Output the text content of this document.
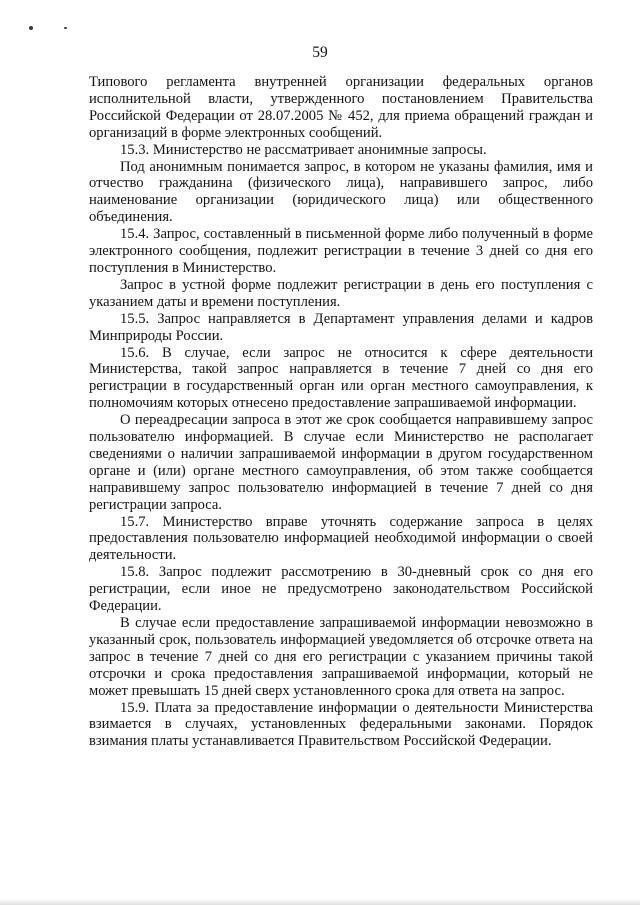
59

Типового регламента внутренней организации федеральных органов исполнительной власти, утвержденного постановлением Правительства Российской Федерации от 28.07.2005 № 452, для приема обращений граждан и организаций в форме электронных сообщений.

15.3. Министерство не рассматривает анонимные запросы.

Под анонимным понимается запрос, в котором не указаны фамилия, имя и отчество гражданина (физического лица), направившего запрос, либо наименование организации (юридического лица) или общественного объединения.

15.4. Запрос, составленный в письменной форме либо полученный в форме электронного сообщения, подлежит регистрации в течение 3 дней со дня его поступления в Министерство.

Запрос в устной форме подлежит регистрации в день его поступления с указанием даты и времени поступления.

15.5. Запрос направляется в Департамент управления делами и кадров Минприроды России.

15.6. В случае, если запрос не относится к сфере деятельности Министерства, такой запрос направляется в течение 7 дней со дня его регистрации в государственный орган или орган местного самоуправления, к полномочиям которых отнесено предоставление запрашиваемой информации.

О переадресации запроса в этот же срок сообщается направившему запрос пользователю информацией. В случае если Министерство не располагает сведениями о наличии запрашиваемой информации в другом государственном органе и (или) органе местного самоуправления, об этом также сообщается направившему запрос пользователю информацией в течение 7 дней со дня регистрации запроса.

15.7. Министерство вправе уточнять содержание запроса в целях предоставления пользователю информацией необходимой информации о своей деятельности.

15.8. Запрос подлежит рассмотрению в 30-дневный срок со дня его регистрации, если иное не предусмотрено законодательством Российской Федерации.

В случае если предоставление запрашиваемой информации невозможно в указанный срок, пользователь информацией уведомляется об отсрочке ответа на запрос в течение 7 дней со дня его регистрации с указанием причины такой отсрочки и срока предоставления запрашиваемой информации, который не может превышать 15 дней сверх установленного срока для ответа на запрос.

15.9. Плата за предоставление информации о деятельности Министерства взимается в случаях, установленных федеральными законами. Порядок взимания платы устанавливается Правительством Российской Федерации.
